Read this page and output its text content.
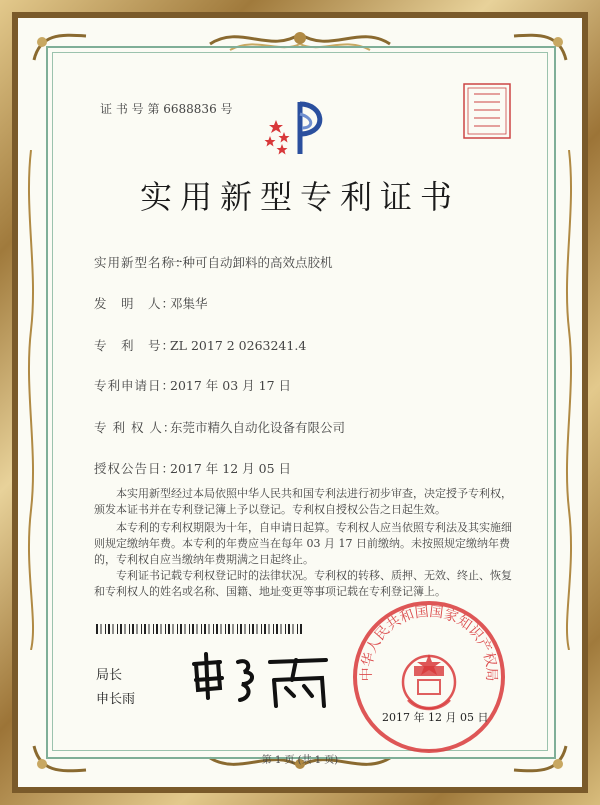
证 书 号 第 6688836 号
实用新型专利证书
实用新型名称：一种可自动卸料的高效点胶机
发　明　人：邓集华
专　利　号：ZL 2017 2 0263241.4
专利申请日：2017 年 03 月 17 日
专 利 权 人：东莞市精久自动化设备有限公司
授权公告日：2017 年 12 月 05 日
　　本实用新型经过本局依照中华人民共和国专利法进行初步审查，决定授予专利权，颁发本证书并在专利登记簿上予以登记。专利权自授权公告之日起生效。
　　本专利的专利权期限为十年，自申请日起算。专利权人应当依照专利法及其实施细则规定缴纳年费。本专利的年费应当在每年 03 月 17 日前缴纳。未按照规定缴纳年费的，专利权自应当缴纳年费期满之日起终止。
　　专利证书记载专利权登记时的法律状况。专利权的转移、质押、无效、终止、恢复和专利权人的姓名或名称、国籍、地址变更等事项记载在专利登记簿上。
局长
申长雨
中华人民共和国国家知识产权局
2017 年 12 月 05 日
第 1 页 (共 1 页)
